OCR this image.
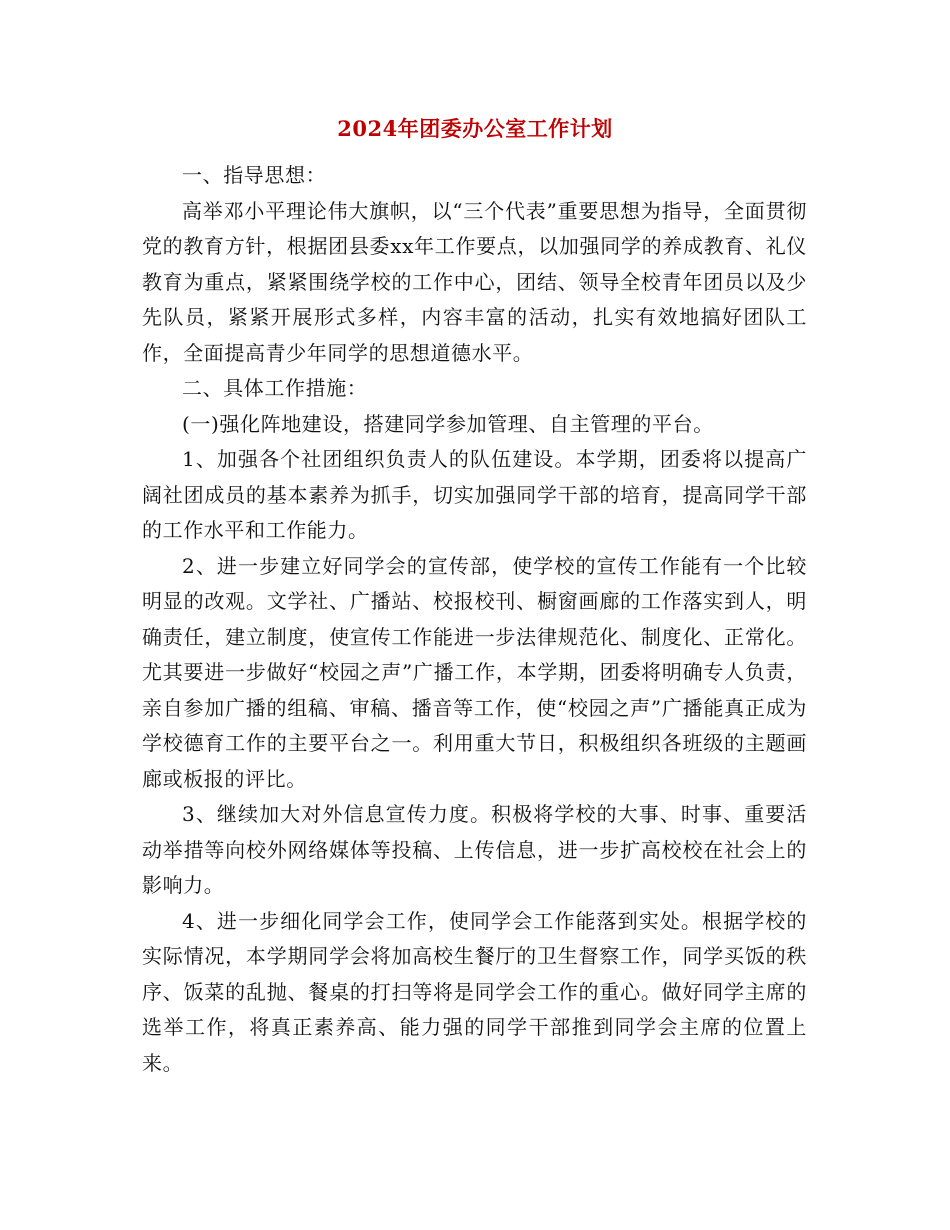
2024年团委办公室工作计划

一、指导思想：

高举邓小平理论伟大旗帜，以“三个代表”重要思想为指导，全面贯彻党的教育方针，根据团县委xx年工作要点，以加强同学的养成教育、礼仪教育为重点，紧紧围绕学校的工作中心，团结、领导全校青年团员以及少先队员，紧紧开展形式多样，内容丰富的活动，扎实有效地搞好团队工作，全面提高青少年同学的思想道德水平。

二、具体工作措施：

(一)强化阵地建设，搭建同学参加管理、自主管理的平台。

1、加强各个社团组织负责人的队伍建设。本学期，团委将以提高广阔社团成员的基本素养为抓手，切实加强同学干部的培育，提高同学干部的工作水平和工作能力。

2、进一步建立好同学会的宣传部，使学校的宣传工作能有一个比较明显的改观。文学社、广播站、校报校刊、橱窗画廊的工作落实到人，明确责任，建立制度，使宣传工作能进一步法律规范化、制度化、正常化。尤其要进一步做好“校园之声”广播工作，本学期，团委将明确专人负责，亲自参加广播的组稿、审稿、播音等工作，使“校园之声”广播能真正成为学校德育工作的主要平台之一。利用重大节日，积极组织各班级的主题画廊或板报的评比。

3、继续加大对外信息宣传力度。积极将学校的大事、时事、重要活动举措等向校外网络媒体等投稿、上传信息，进一步扩高校校在社会上的影响力。

4、进一步细化同学会工作，使同学会工作能落到实处。根据学校的实际情况，本学期同学会将加高校生餐厅的卫生督察工作，同学买饭的秩序、饭菜的乱抛、餐桌的打扫等将是同学会工作的重心。做好同学主席的选举工作，将真正素养高、能力强的同学干部推到同学会主席的位置上来。
